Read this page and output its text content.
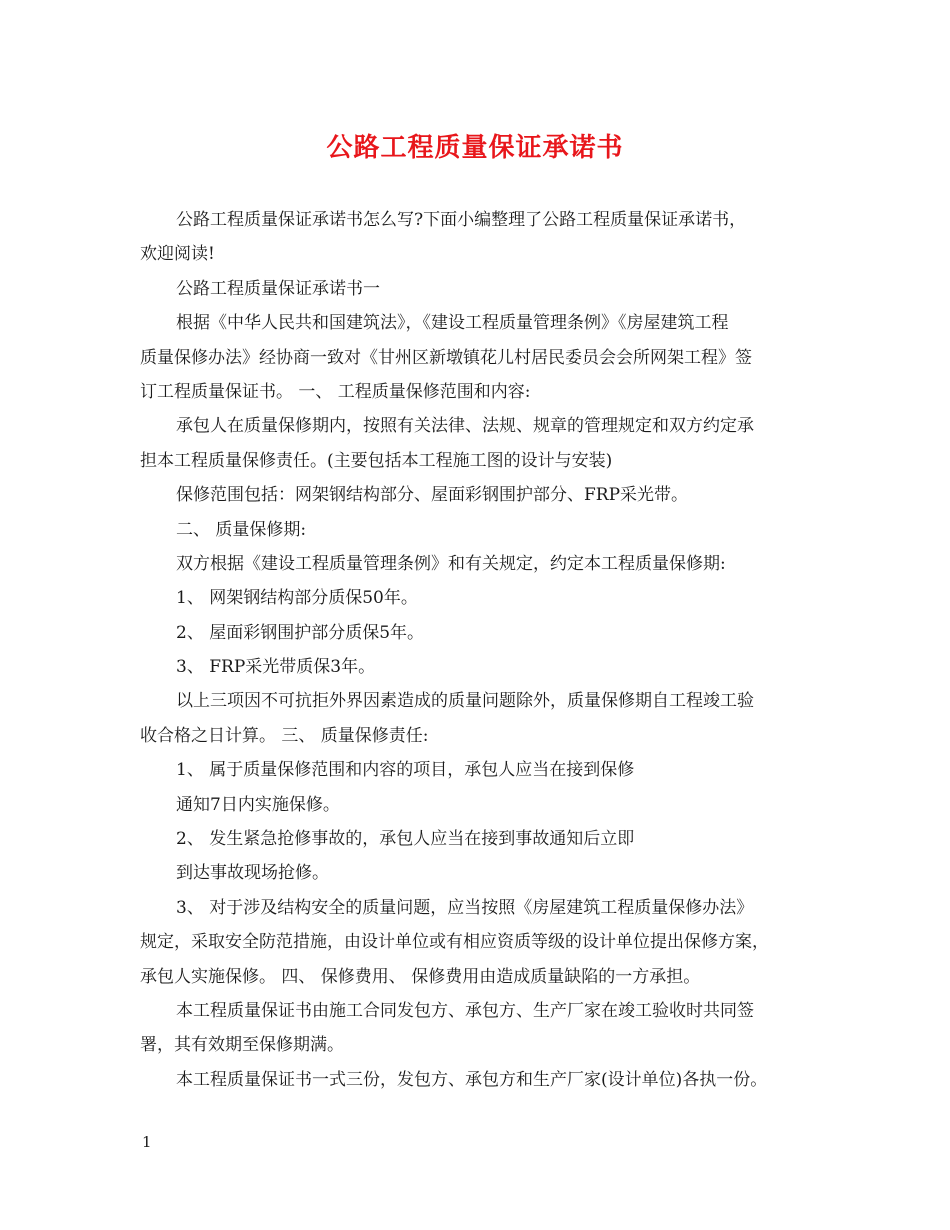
公路工程质量保证承诺书
公路工程质量保证承诺书怎么写?下面小编整理了公路工程质量保证承诺书，
欢迎阅读!
公路工程质量保证承诺书一
根据《中华人民共和国建筑法》，《建设工程质量管理条例》《房屋建筑工程
质量保修办法》经协商一致对《甘州区新墩镇花儿村居民委员会会所网架工程》签
订工程质量保证书。 一、 工程质量保修范围和内容:
承包人在质量保修期内，按照有关法律、法规、规章的管理规定和双方约定承
担本工程质量保修责任。(主要包括本工程施工图的设计与安装)
保修范围包括：网架钢结构部分、屋面彩钢围护部分、FRP采光带。
二、 质量保修期:
双方根据《建设工程质量管理条例》和有关规定，约定本工程质量保修期:
1、 网架钢结构部分质保50年。
2、 屋面彩钢围护部分质保5年。
3、 FRP采光带质保3年。
以上三项因不可抗拒外界因素造成的质量问题除外，质量保修期自工程竣工验
收合格之日计算。 三、 质量保修责任:
1、 属于质量保修范围和内容的项目，承包人应当在接到保修
通知7日内实施保修。
2、 发生紧急抢修事故的，承包人应当在接到事故通知后立即
到达事故现场抢修。
3、 对于涉及结构安全的质量问题，应当按照《房屋建筑工程质量保修办法》
规定，采取安全防范措施，由设计单位或有相应资质等级的设计单位提出保修方案，
承包人实施保修。 四、 保修费用、 保修费用由造成质量缺陷的一方承担。
本工程质量保证书由施工合同发包方、承包方、生产厂家在竣工验收时共同签
署，其有效期至保修期满。
本工程质量保证书一式三份，发包方、承包方和生产厂家(设计单位)各执一份。
1
